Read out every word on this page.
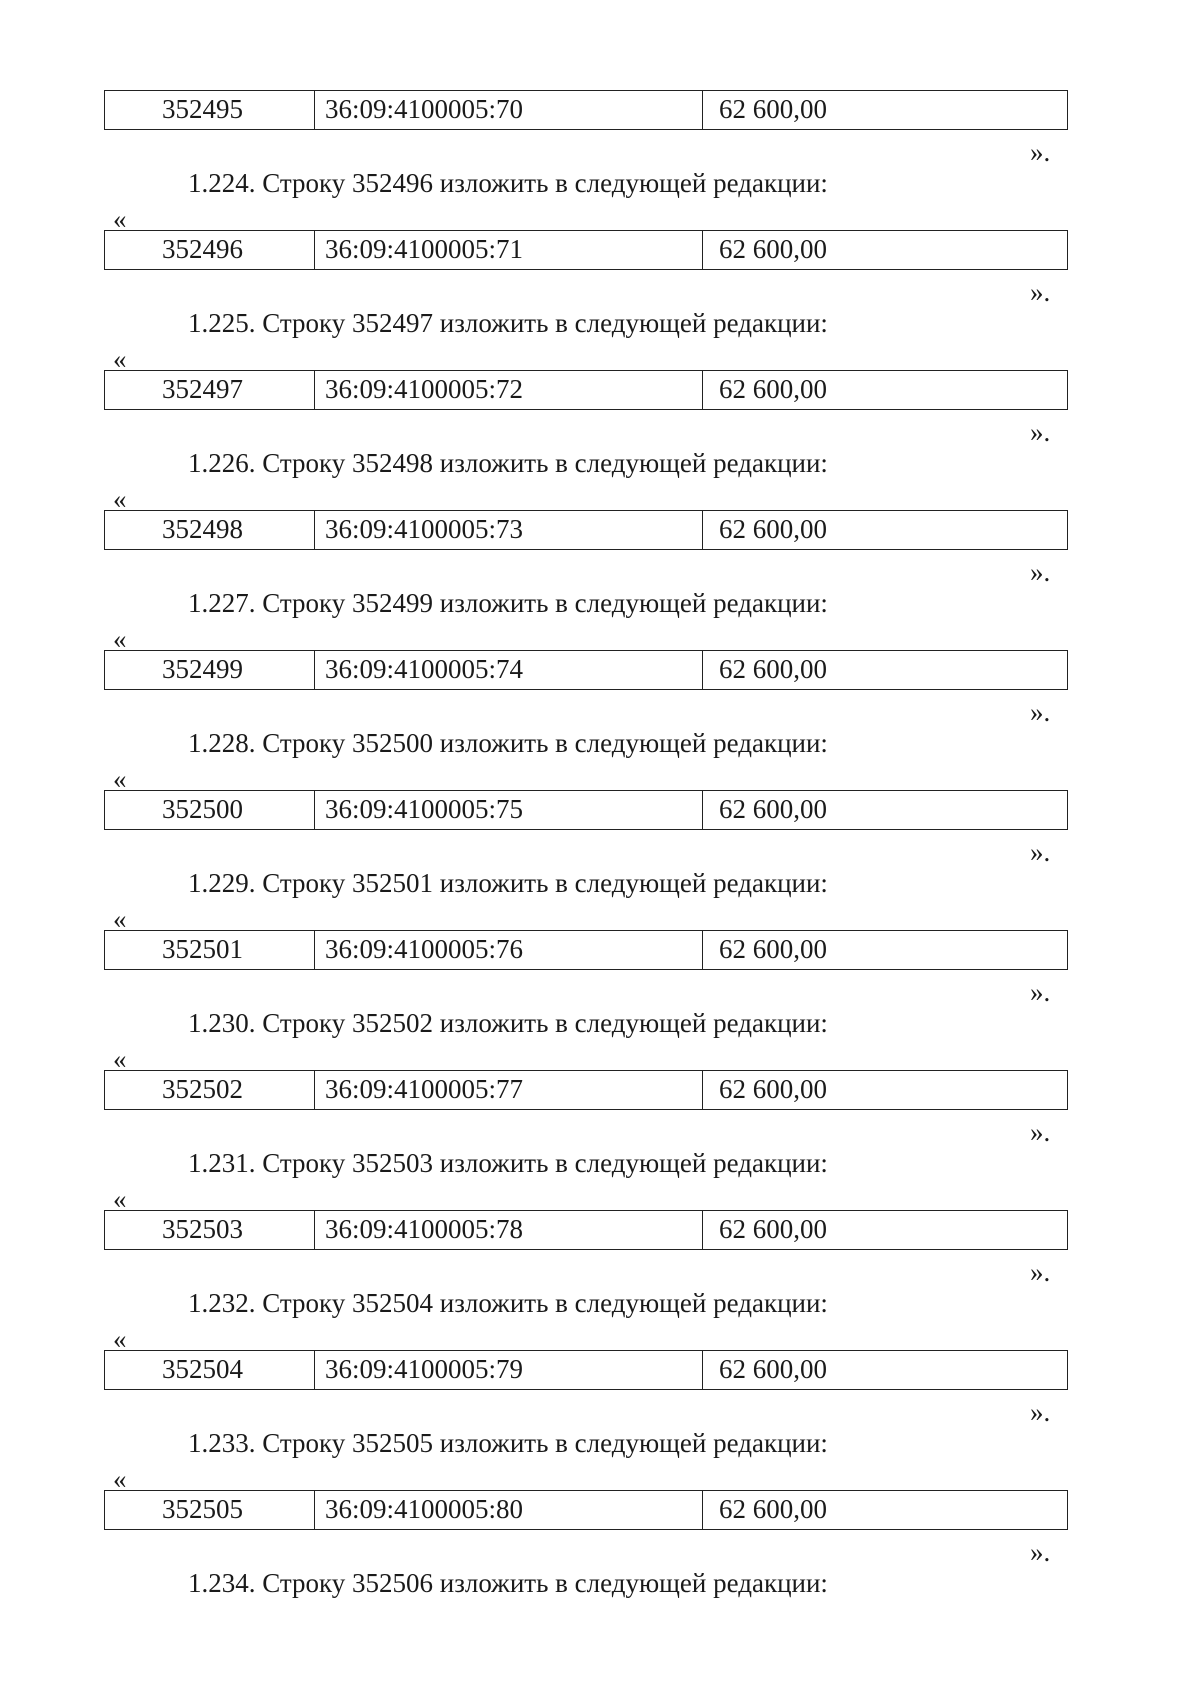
352495	36:09:4100005:70	62 600,00
».
1.224. Строку 352496 изложить в следующей редакции:
«
352496	36:09:4100005:71	62 600,00
».
1.225. Строку 352497 изложить в следующей редакции:
«
352497	36:09:4100005:72	62 600,00
».
1.226. Строку 352498 изложить в следующей редакции:
«
352498	36:09:4100005:73	62 600,00
».
1.227. Строку 352499 изложить в следующей редакции:
«
352499	36:09:4100005:74	62 600,00
».
1.228. Строку 352500 изложить в следующей редакции:
«
352500	36:09:4100005:75	62 600,00
».
1.229. Строку 352501 изложить в следующей редакции:
«
352501	36:09:4100005:76	62 600,00
».
1.230. Строку 352502 изложить в следующей редакции:
«
352502	36:09:4100005:77	62 600,00
».
1.231. Строку 352503 изложить в следующей редакции:
«
352503	36:09:4100005:78	62 600,00
».
1.232. Строку 352504 изложить в следующей редакции:
«
352504	36:09:4100005:79	62 600,00
».
1.233. Строку 352505 изложить в следующей редакции:
«
352505	36:09:4100005:80	62 600,00
».
1.234. Строку 352506 изложить в следующей редакции:
